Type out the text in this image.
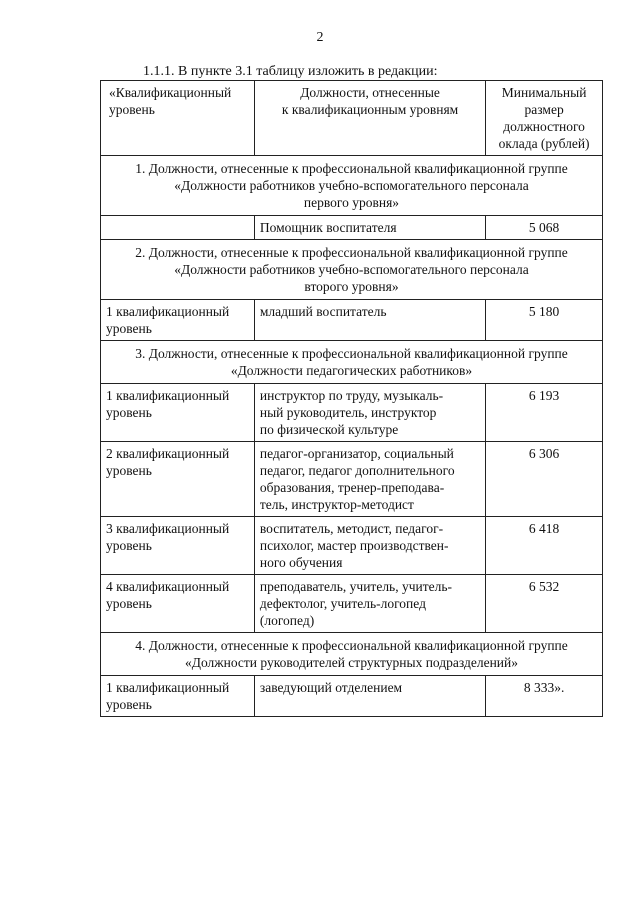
2
1.1.1. В пункте 3.1 таблицу изложить в редакции:
«Квалификационный
уровень	Должности, отнесенные
к квалификационным уровням	Минимальный
размер
должностного
оклада (рублей)
1. Должности, отнесенные к профессиональной квалификационной группе
«Должности работников учебно-вспомогательного персонала
первого уровня»		
	Помощник воспитателя	5 068
2. Должности, отнесенные к профессиональной квалификационной группе
«Должности работников учебно-вспомогательного персонала
второго уровня»		
1 квалификационный
уровень	младший воспитатель	5 180
3. Должности, отнесенные к профессиональной квалификационной группе
«Должности педагогических работников»		
1 квалификационный
уровень	инструктор по труду, музыкаль-
ный руководитель, инструктор
по физической культуре	6 193
2 квалификационный
уровень	педагог-организатор, социальный
педагог, педагог дополнительного
образования, тренер-преподава-
тель, инструктор-методист	6 306
3 квалификационный
уровень	воспитатель, методист, педагог-
психолог, мастер производствен-
ного обучения	6 418
4 квалификационный
уровень	преподаватель, учитель, учитель-
дефектолог, учитель-логопед
(логопед)	6 532
4. Должности, отнесенные к профессиональной квалификационной группе
«Должности руководителей структурных подразделений»		
1 квалификационный
уровень	заведующий отделением	8 333».
